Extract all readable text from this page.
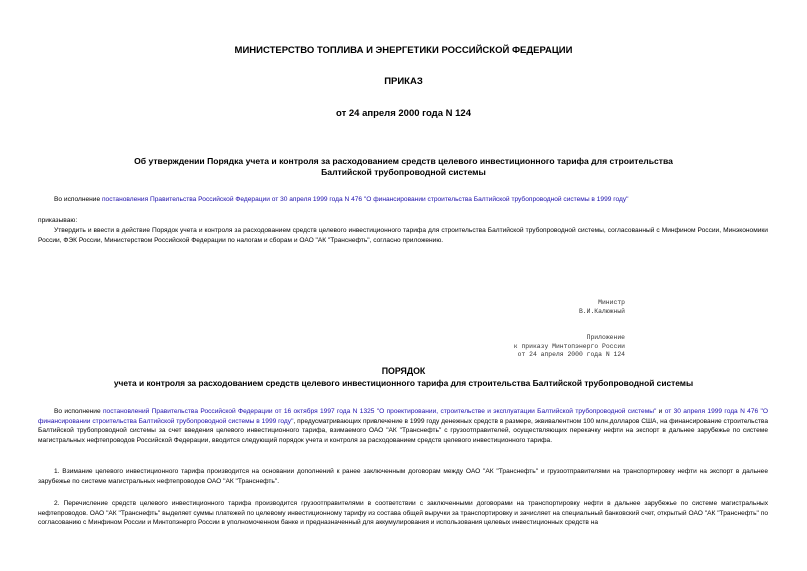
МИНИСТЕРСТВО ТОПЛИВА И ЭНЕРГЕТИКИ РОССИЙСКОЙ ФЕДЕРАЦИИ
ПРИКАЗ
от 24 апреля 2000 года N 124
Об утверждении Порядка учета и контроля за расходованием средств целевого инвестиционного тарифа для строительства Балтийской трубопроводной системы

Во исполнение постановления Правительства Российской Федерации от 30 апреля 1999 года N 476 "О финансировании строительства Балтийской трубопроводной системы в 1999 году"

приказываю:

Утвердить и ввести в действие Порядок учета и контроля за расходованием средств целевого инвестиционного тарифа для строительства Балтийской трубопроводной системы, согласованный с Минфином России, Минэкономики России, ФЭК России, Министерством Российской Федерации по налогам и сборам и ОАО "АК "Транснефть", согласно приложению.

Министр
В.И.Калюжный
Приложение
к приказу Минтопэнерго России
от 24 апреля 2000 года N 124
ПОРЯДОК
учета и контроля за расходованием средств целевого инвестиционного тарифа для строительства Балтийской трубопроводной системы

Во исполнение постановлений Правительства Российской Федерации от 16 октября 1997 года N 1325 "О проектировании, строительстве и эксплуатации Балтийской трубопроводной системы" и от 30 апреля 1999 года N 476 "О финансировании строительства Балтийской трубопроводной системы в 1999 году", предусматривающих привлечение в 1999 году денежных средств в размере, эквивалентном 100 млн.долларов США, на финансирование строительства Балтийской трубопроводной системы за счет введения целевого инвестиционного тарифа, взимаемого ОАО "АК "Транснефть" с грузоотправителей, осуществляющих перекачку нефти на экспорт в дальнее зарубежье по системе магистральных нефтепроводов Российской Федерации, вводится следующий порядок учета и контроля за расходованием средств целевого инвестиционного тарифа.

1. Взимание целевого инвестиционного тарифа производится на основании дополнений к ранее заключенным договорам между ОАО "АК "Транснефть" и грузоотправителями на транспортировку нефти на экспорт в дальнее зарубежье по системе магистральных нефтепроводов ОАО "АК "Транснефть".

2. Перечисление средств целевого инвестиционного тарифа производится грузоотправителями в соответствии с заключенными договорами на транспортировку нефти в дальнее зарубежье по системе магистральных нефтепроводов. ОАО "АК "Транснефть" выделяет суммы платежей по целевому инвестиционному тарифу из состава общей выручки за транспортировку и зачисляет на специальный банковский счет, открытый ОАО "АК "Транснефть" по согласованию с Минфином России и Минтопэнерго России в уполномоченном банке и предназначенный для аккумулирования и использования целевых инвестиционных средств на
